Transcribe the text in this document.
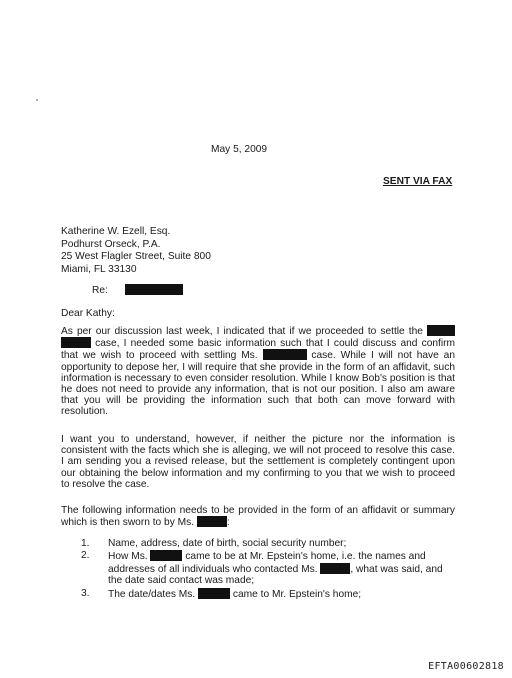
May 5, 2009
SENT VIA FAX
Katherine W. Ezell, Esq.
Podhurst Orseck, P.A.
25 West Flagler Street, Suite 800
Miami, FL 33130
Re:
Dear Kathy:
As per our discussion last week, I indicated that if we proceeded to settle the   case, I needed some basic information such that I could discuss and confirm that we wish to proceed with settling Ms.	case. While I will not have an opportunity to depose her, I will require that she provide in the form of an affidavit, such information is necessary to even consider resolution. While I know Bob's position is that he does not need to provide any information, that is not our position. I also am aware that you will be providing the information such that both can move forward with resolution.
I want you to understand, however, if neither the picture nor the information is consistent with the facts which she is alleging, we will not proceed to resolve this case. I am sending you a revised release, but the settlement is completely contingent upon our obtaining the below information and my confirming to you that we wish to proceed to resolve the case.
The following information needs to be provided in the form of an affidavit or summary which is then sworn to by Ms.	:
1.	Name, address, date of birth, social security number;
2.	How Ms.	came to be at Mr. Epstein's home, i.e. the names and addresses of all individuals who contacted Ms.	, what was said, and the date said contact was made;
3.	The date/dates Ms.	came to Mr. Epstein's home;
EFTA00602818
